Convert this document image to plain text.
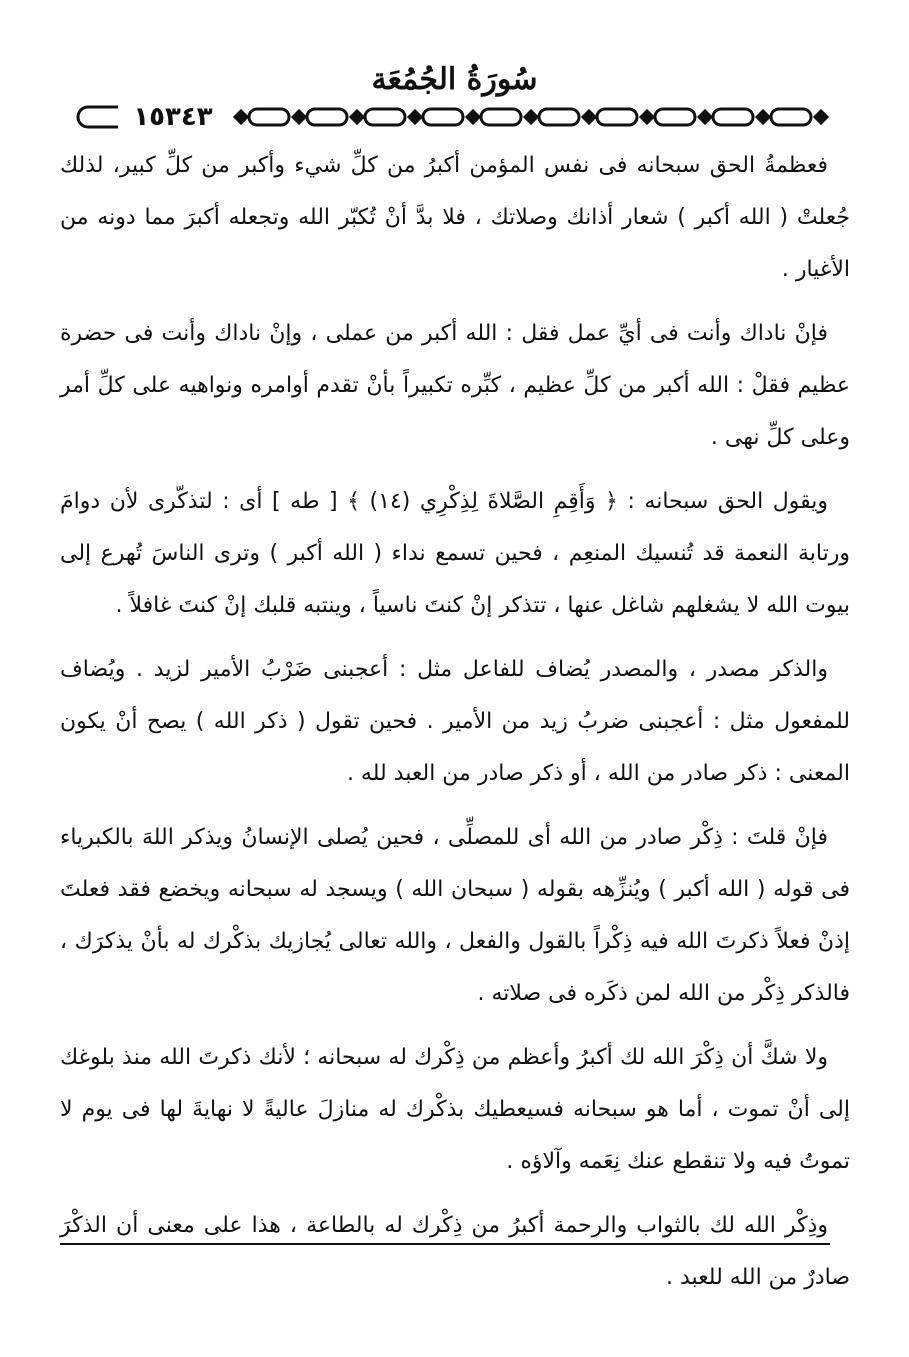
سُورَةُ الجُمُعَة
١٥٣٤٣

فعظمةُ الحق سبحانه فى نفس المؤمن أكبرُ من كلِّ شيء وأكبر من كلِّ كبير، لذلك جُعلتْ ( الله أكبر ) شعار أذانك وصلاتك ، فلا بدَّ أنْ تُكبّر الله وتجعله أكبرَ مما دونه من الأغيار .

فإنْ ناداك وأنت فى أيِّ عمل فقل : الله أكبر من عملى ، وإنْ ناداك وأنت فى حضرة عظيم فقلْ : الله أكبر من كلِّ عظيم ، كبِّره تكبيراً بأنْ تقدم أوامره ونواهيه على كلِّ أمر وعلى كلِّ نهى .

ويقول الحق سبحانه : ﴿ وَأَقِمِ الصَّلاةَ لِذِكْرِي (١٤) ﴾ [ طه ] أى : لتذكّرى لأن دوامَ ورتابة النعمة قد تُنسيك المنعِم ، فحين تسمع نداء ( الله أكبر ) وترى الناسَ تُهرع إلى بيوت الله لا يشغلهم شاغل عنها ، تتذكر إنْ كنتَ ناسياً ، وينتبه قلبك إنْ كنتَ غافلاً .

والذكر مصدر ، والمصدر يُضاف للفاعل مثل : أعجبنى ضَرْبُ الأمير لزيد . ويُضاف للمفعول مثل : أعجبنى ضربُ زيد من الأمير . فحين تقول ( ذكر الله ) يصح أنْ يكون المعنى : ذكر صادر من الله ، أو ذكر صادر من العبد لله .

فإنْ قلتَ : ذِكْر صادر من الله أى للمصلِّى ، فحين يُصلى الإنسانُ ويذكر اللهَ بالكبرياء فى قوله ( الله أكبر ) ويُنزِّهه بقوله ( سبحان الله ) ويسجد له سبحانه ويخضع فقد فعلتَ إذنْ فعلاً ذكرتَ الله فيه ذِكْراً بالقول والفعل ، والله تعالى يُجازيك بذكْرك له بأنْ يذكرَك ، فالذكر ذِكْر من الله لمن ذكَره فى صلاته .

ولا شكَّ أن ذِكْرَ الله لك أكبرُ وأعظم من ذِكْرك له سبحانه ؛ لأنك ذكرتَ الله منذ بلوغك إلى أنْ تموت ، أما هو سبحانه فسيعطيك بذكْرك له منازلَ عاليةً لا نهايةَ لها فى يوم لا تموتُ فيه ولا تنقطع عنك نِعَمه وآلاؤه .

وذِكْر الله لك بالثواب والرحمة أكبرُ من ذِكْرك له بالطاعة ، هذا على معنى أن الذكْرَ صادرٌ من الله للعبد .
